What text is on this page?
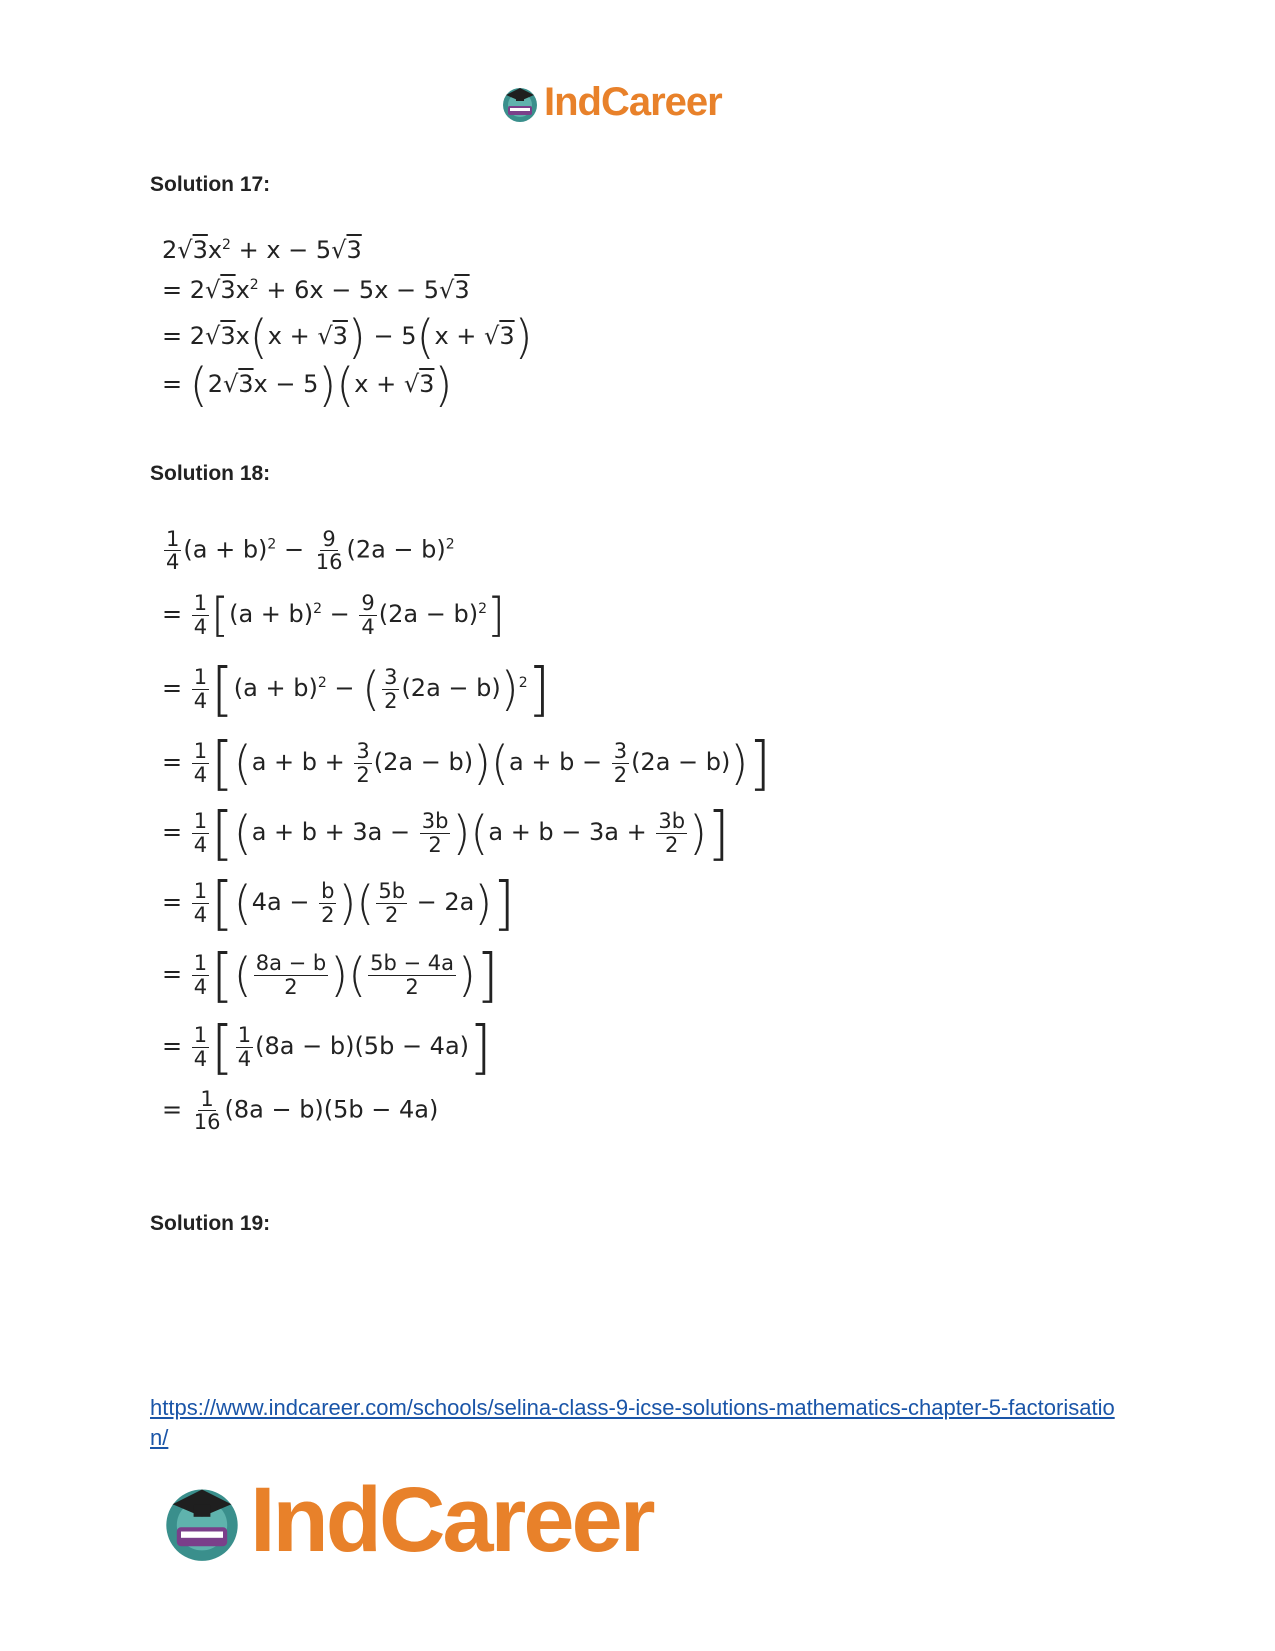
IndCareer
Solution 17:
$2√3x^2 + x - 5√3$
= $2√3x^2 + 6x - 5x - 5√3$
= 2√3x(x + √3) − 5(x + √3)
= (2√3x − 5)(x + √3)
Solution 18:
$\frac{1}{4} (a + b)^2 - \frac{9}{16} (2a - b)^2$
= $\frac{1}{4} [(a + b)^2 - \frac{9}{4} (2a - b)^2]$
= $\frac{1}{4} [(a + b)^2$ − ( $\frac{3}{2} (2a - b))^2$]
= $\frac{1}{4} [(a + b + \frac{3}{2} (2a - b))(a + b - \frac{3}{2} (2a - b))]$
= $\frac{1}{4} [(a + b + 3a - \frac{3b}{2} )(a + b - 3a + \frac{3b}{2}$ )]
= $\frac{1}{4} [(4a - \frac{b}{2}$ )( $\frac{5b}{2} - 2a$)]
= $\frac{1}{4}$ [( $\frac{8a - b}{2}$ )( $\frac{5b - 4a}{2}$ )]
= $\frac{1}{4}$ [ $\frac{1}{4} (8a - b)(5b - 4a)$]
= $\frac{1}{16} (8a - b)(5b - 4a)$
Solution 19:
https://www.indcareer.com/schools/selina-class-9-icse-solutions-mathematics-chapter-5-factorisation/
IndCareer
